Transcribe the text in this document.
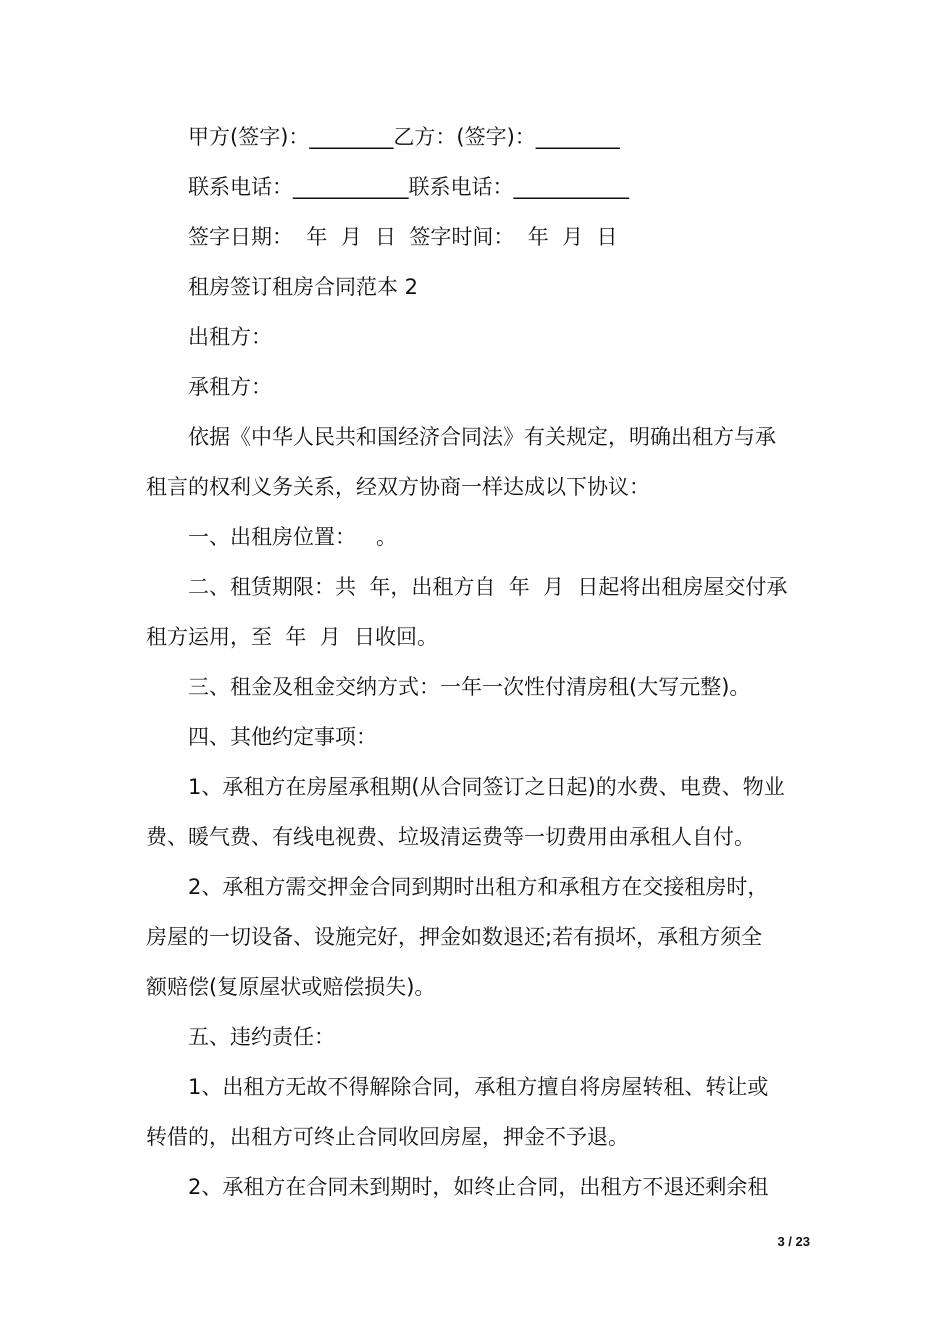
甲方(签字)：________乙方：(签字)：________
联系电话：___________联系电话：___________
签字日期：  年  月  日  签字时间：  年  月  日
租房签订租房合同范本 2
出租方：
承租方：
依据《中华人民共和国经济合同法》有关规定，明确出租方与承
租言的权利义务关系，经双方协商一样达成以下协议：
一、出租房位置：   。
二、租赁期限：共  年，出租方自  年  月  日起将出租房屋交付承
租方运用，至  年  月  日收回。
三、租金及租金交纳方式：一年一次性付清房租(大写元整)。
四、其他约定事项：
1、承租方在房屋承租期(从合同签订之日起)的水费、电费、物业
费、暖气费、有线电视费、垃圾清运费等一切费用由承租人自付。
2、承租方需交押金合同到期时出租方和承租方在交接租房时，
房屋的一切设备、设施完好，押金如数退还;若有损坏，承租方须全
额赔偿(复原屋状或赔偿损失)。
五、违约责任：
1、出租方无故不得解除合同，承租方擅自将房屋转租、转让或
转借的，出租方可终止合同收回房屋，押金不予退。
2、承租方在合同未到期时，如终止合同，出租方不退还剩余租
3 / 23
